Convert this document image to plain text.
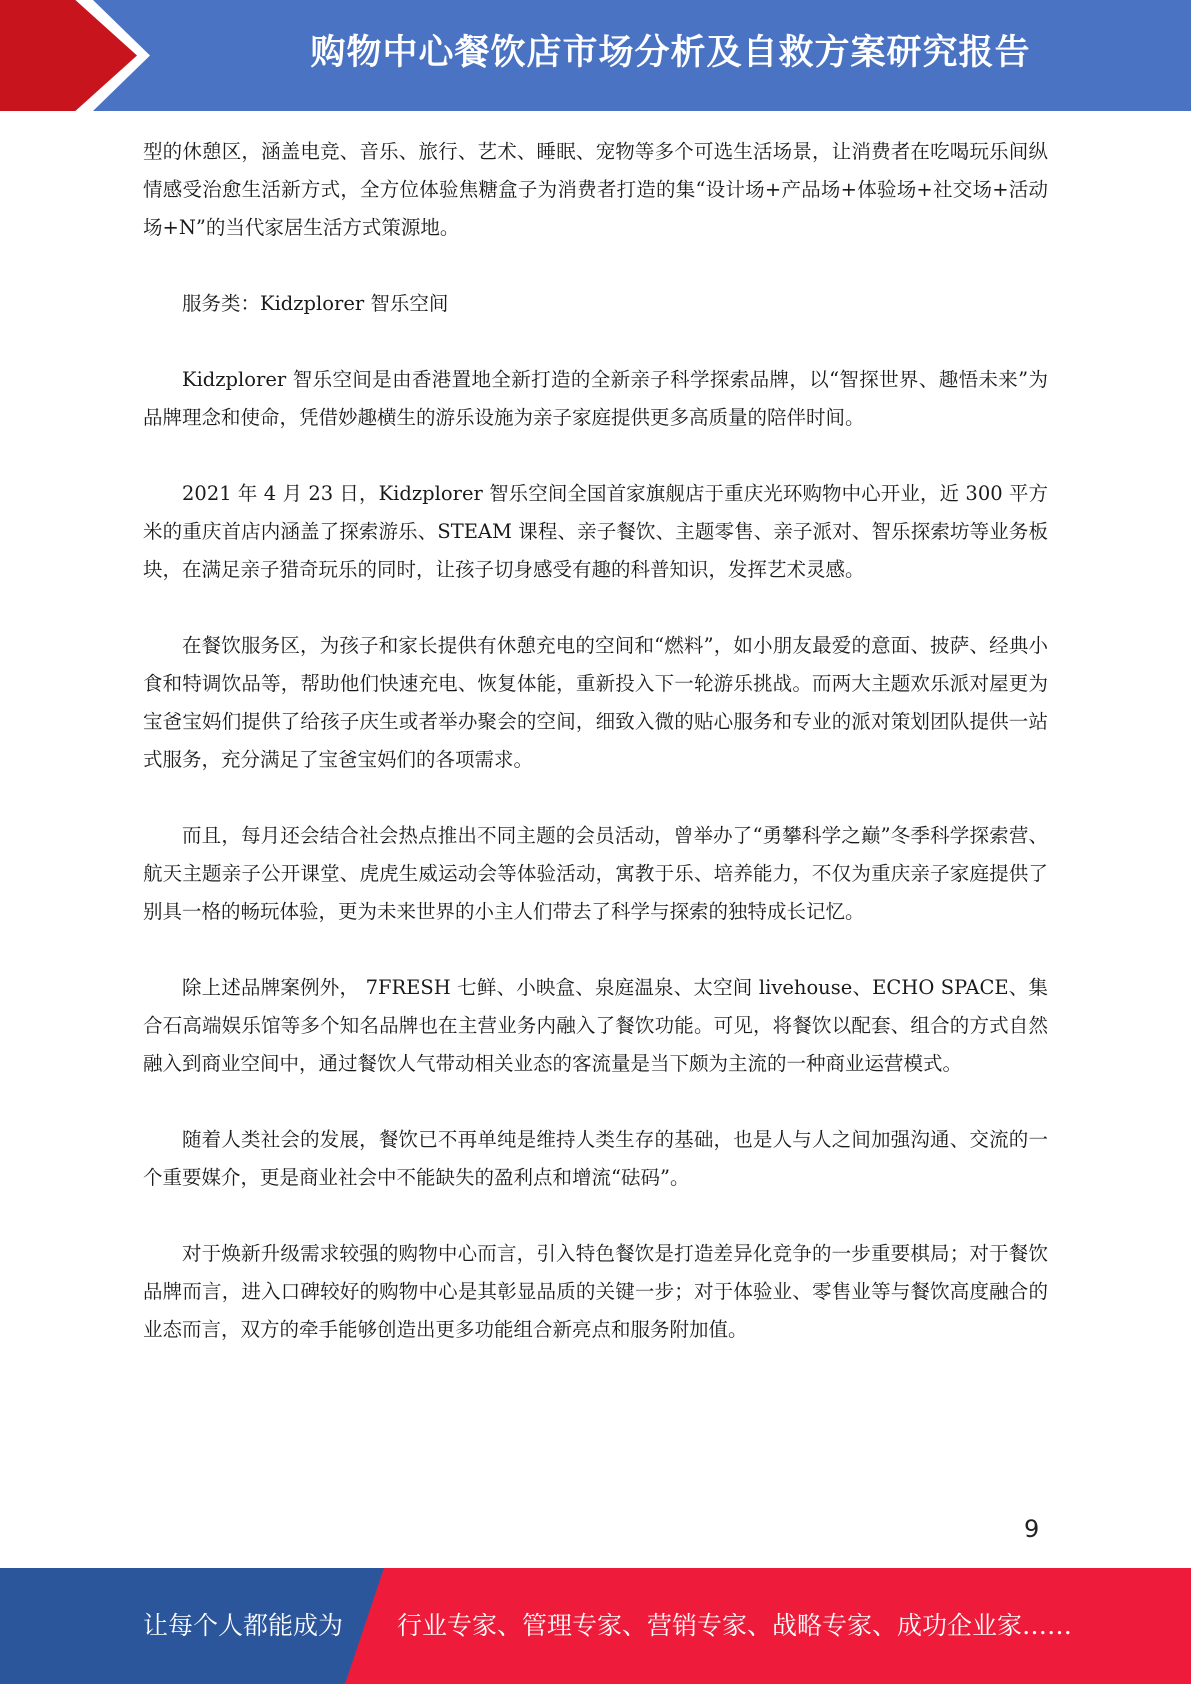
购物中心餐饮店市场分析及自救方案研究报告

型的休憩区，涵盖电竞、音乐、旅行、艺术、睡眠、宠物等多个可选生活场景，让消费者在吃喝玩乐间纵情感受治愈生活新方式，全方位体验焦糖盒子为消费者打造的集“设计场+产品场+体验场+社交场+活动场+N”的当代家居生活方式策源地。

服务类：Kidzplorer 智乐空间

Kidzplorer 智乐空间是由香港置地全新打造的全新亲子科学探索品牌，以“智探世界、趣悟未来”为品牌理念和使命，凭借妙趣横生的游乐设施为亲子家庭提供更多高质量的陪伴时间。

2021 年 4 月 23 日，Kidzplorer 智乐空间全国首家旗舰店于重庆光环购物中心开业，近 300 平方米的重庆首店内涵盖了探索游乐、STEAM 课程、亲子餐饮、主题零售、亲子派对、智乐探索坊等业务板块，在满足亲子猎奇玩乐的同时，让孩子切身感受有趣的科普知识，发挥艺术灵感。

在餐饮服务区，为孩子和家长提供有休憩充电的空间和“燃料”，如小朋友最爱的意面、披萨、经典小食和特调饮品等，帮助他们快速充电、恢复体能，重新投入下一轮游乐挑战。而两大主题欢乐派对屋更为宝爸宝妈们提供了给孩子庆生或者举办聚会的空间，细致入微的贴心服务和专业的派对策划团队提供一站式服务，充分满足了宝爸宝妈们的各项需求。

而且，每月还会结合社会热点推出不同主题的会员活动，曾举办了“勇攀科学之巅”冬季科学探索营、航天主题亲子公开课堂、虎虎生威运动会等体验活动，寓教于乐、培养能力，不仅为重庆亲子家庭提供了别具一格的畅玩体验，更为未来世界的小主人们带去了科学与探索的独特成长记忆。

除上述品牌案例外， 7FRESH 七鲜、小映盒、泉庭温泉、太空间 livehouse、ECHO SPACE、集合石高端娱乐馆等多个知名品牌也在主营业务内融入了餐饮功能。可见，将餐饮以配套、组合的方式自然融入到商业空间中，通过餐饮人气带动相关业态的客流量是当下颇为主流的一种商业运营模式。

随着人类社会的发展，餐饮已不再单纯是维持人类生存的基础，也是人与人之间加强沟通、交流的一个重要媒介，更是商业社会中不能缺失的盈利点和增流“砝码”。

对于焕新升级需求较强的购物中心而言，引入特色餐饮是打造差异化竞争的一步重要棋局；对于餐饮品牌而言，进入口碑较好的购物中心是其彰显品质的关键一步；对于体验业、零售业等与餐饮高度融合的业态而言，双方的牵手能够创造出更多功能组合新亮点和服务附加值。

9
让每个人都能成为 行业专家、管理专家、营销专家、战略专家、成功企业家……
